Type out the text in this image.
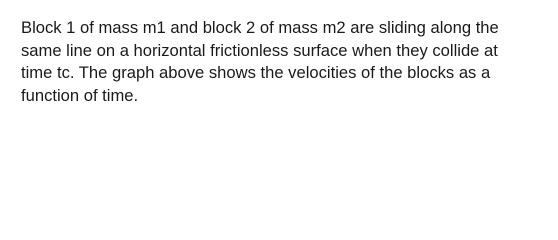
Block 1 of mass m1 and block 2 of mass m2 are sliding along the
same line on a horizontal frictionless surface when they collide at
time tc. The graph above shows the velocities of the blocks as a
function of time.
